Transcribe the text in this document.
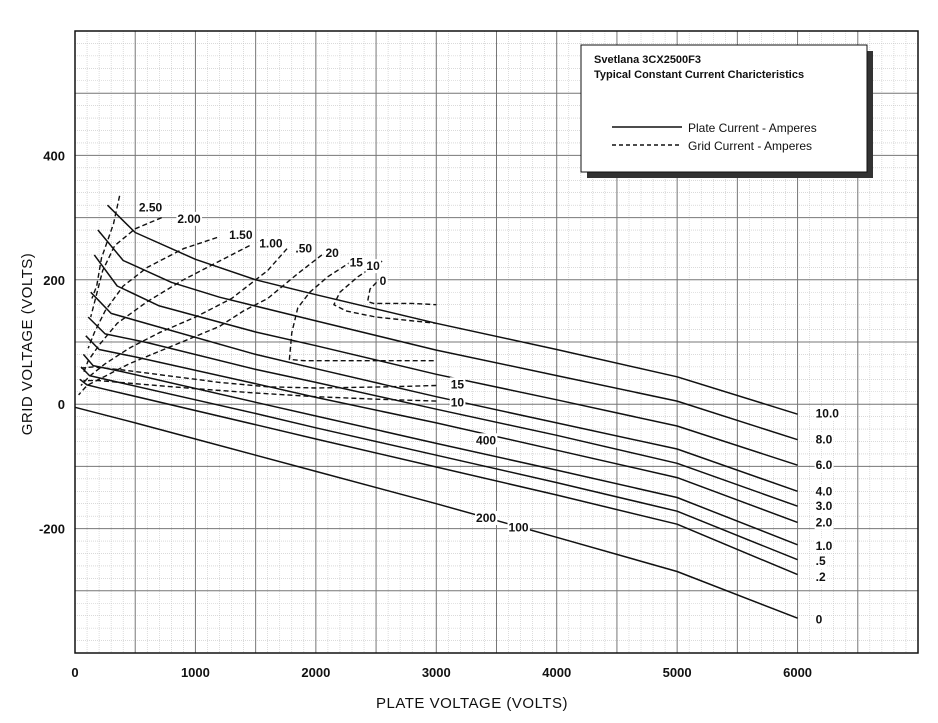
0	1000	2000	3000	4000	5000	6000
400
200
0
-200
PLATE VOLTAGE (VOLTS)
GRID VOLTAGE (VOLTS)
2.50
2.00
1.50
1.00 .50 20
15 10
0
15
10
400
200
100
10.0
8.0
6.0
4.0
3.0
2.0
1.0
.5
.2
0
Svetlana 3CX2500F3
Typical Constant Current Charicteristics
Plate Current - Amperes
Grid Current - Amperes
